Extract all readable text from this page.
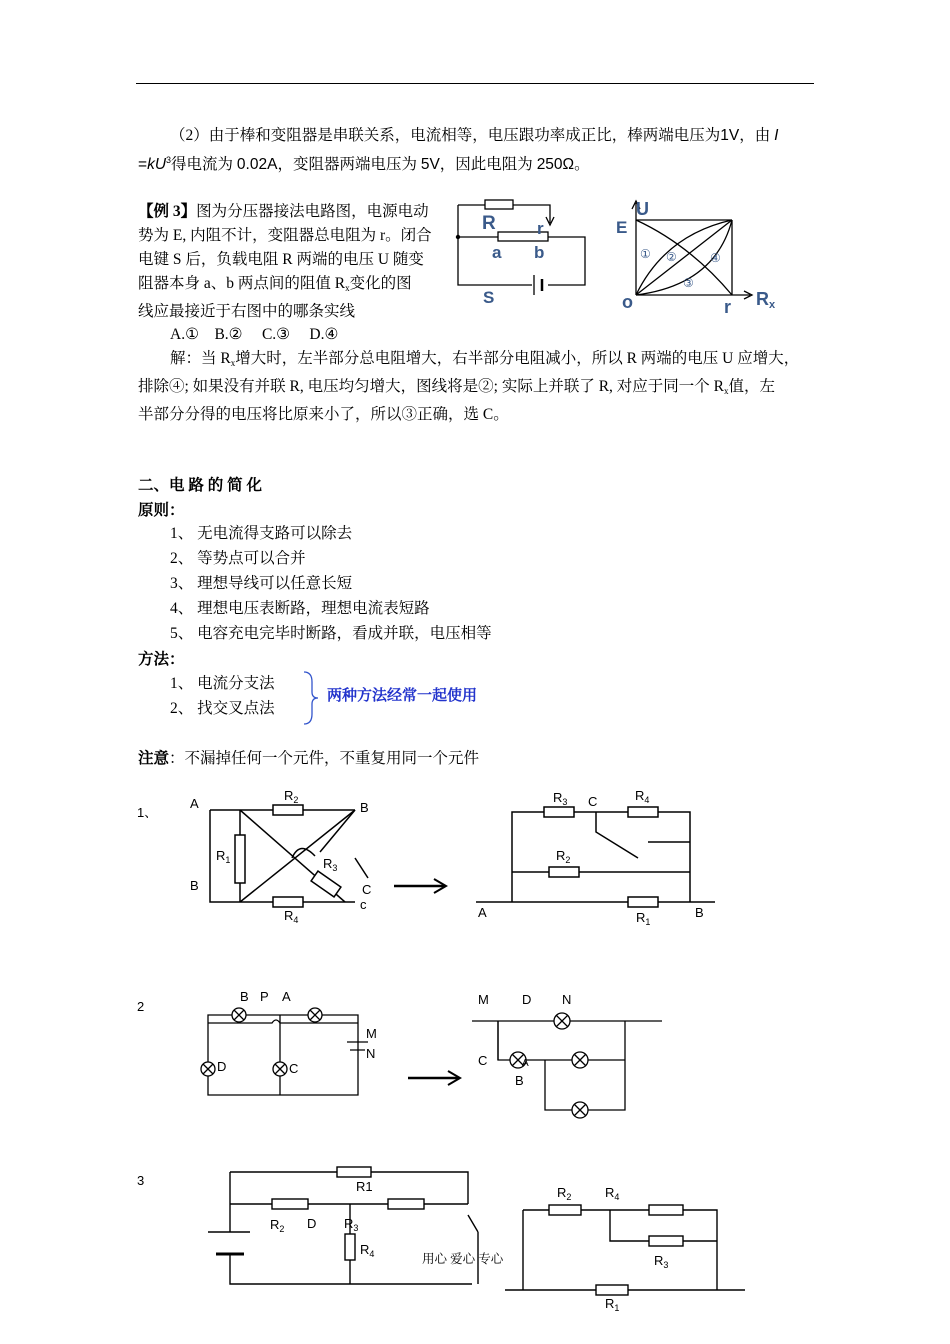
（2）由于棒和变阻器是串联关系，电流相等，电压跟功率成正比，棒两端电压为1V，由 I
$=kU^3$得电流为 0.02A，变阻器两端电压为 5V，因此电阻为 250Ω。
【例 3】图为分压器接法电路图，电源电动
势为 E, 内阻不计，变阻器总电阻为 r。闭合
电键 S 后，负载电阻 R 两端的电压 U 随变
阻器本身 a、b 两点间的阻值 $R_x$变化的图
线应最接近于右图中的哪条实线
A.①    B.②     C.③     D.④
解：当 $R_x$增大时，左半部分总电阻增大，右半部分电阻减小，所以 R 两端的电压 U 应增大，
排除④; 如果没有并联 R, 电压均匀增大，图线将是②; 实际上并联了 R, 对应于同一个 $R_x$值，左
半部分分得的电压将比原来小了，所以③正确，选 C。
R r
a b
S
U
E
o	r Rx
① ②
③
④
二、电 路 的 简 化
原则：
1、 无电流得支路可以除去
2、 等势点可以合并
3、 理想导线可以任意长短
4、 理想电压表断路，理想电流表短路
5、 电容充电完毕时断路，看成并联，电压相等
方法：
1、 电流分支法
2、 找交叉点法
两种方法经常一起使用
注意：不漏掉任何一个元件，不重复用同一个元件
1、
A
$R_2$	B
$R_1$	$R_3$
B	C
c
$R_4$
$R_3$ C	$R_4$
$R_2$
A	$R_1$
B
2
B P A
M
N
D	C
M	D N
C	A
B
3	R1
$R_2$ D $R_3$
$R_4$
$R_2$	$R_4$
$R_3$
$R_1$
用心 爱心 专心
